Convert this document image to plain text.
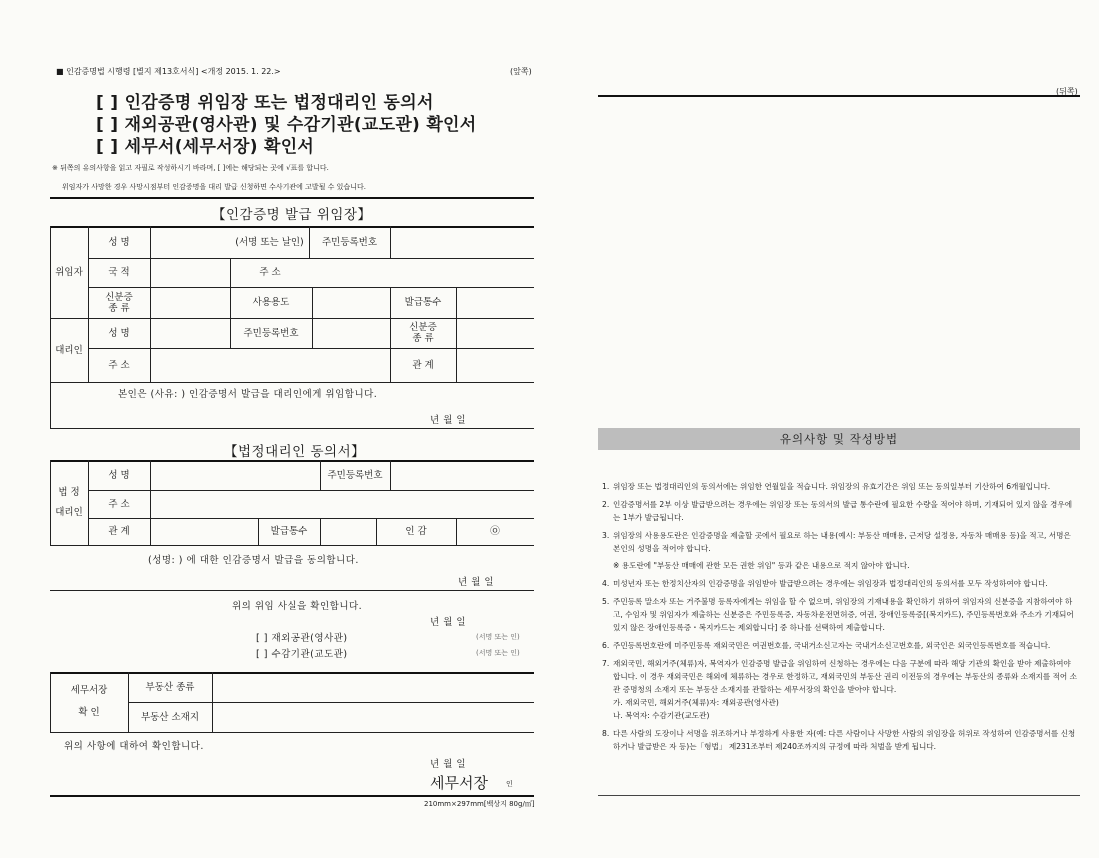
■ 인감증명법 시행령 [별지 제13호서식] <개정 2015. 1. 22.>	(앞쪽)
[ ] 인감증명 위임장 또는 법정대리인 동의서
[ ] 재외공관(영사관) 및 수감기관(교도관) 확인서
[ ] 세무서(세무서장) 확인서
※ 뒤쪽의 유의사항을 읽고 자필로 작성하시기 바라며, [ ]에는 해당되는 곳에 √표를 합니다.
위임자가 사망한 경우 사망시점부터 인감증명을 대리 발급 신청하면 수사기관에 고발될 수 있습니다.
【인감증명 발급 위임장】
위임자
성 명	(서명 또는 날인)	주민등록번호
국 적	주 소
신분증
종 류	사용용도	발급통수
대리인
성 명	주민등록번호	신분증
종 류
주 소	관 계
본인은 (사유: ) 인감증명서 발급을 대리인에게 위임합니다.
년 월 일
【법정대리인 동의서】
법 정
대리인
성 명	주민등록번호
주 소
관 계	발급통수	인 감	㉧
(성명: ) 에 대한 인감증명서 발급을 동의합니다.
년 월 일
위의 위임 사실을 확인합니다.
년 월 일
[ ] 재외공관(영사관)	(서명 또는 인)
[ ] 수감기관(교도관)	(서명 또는 인)
세무서장
확 인
부동산 종류
부동산 소재지
위의 사항에 대하여 확인합니다.
년 월 일
세무서장	인
210mm×297mm[백상지 80g/㎡]
(뒤쪽)
유의사항 및 작성방법
1. 위임장 또는 법정대리인의 동의서에는 위임한 연월일을 적습니다. 위임장의 유효기간은 위임 또는 동의일부터 기산하여 6개월입니다.
2. 인감증명서를 2부 이상 발급받으려는 경우에는 위임장 또는 동의서의 발급 통수란에 필요한 수량을 적어야 하며, 기재되어 있지 않을 경우에는 1부가 발급됩니다.
3. 위임장의 사용용도란은 인감증명을 제출할 곳에서 필요로 하는 내용(예시: 부동산 매매용, 근저당 설정용, 자동차 매매용 등)을 적고, 서명은 본인의 성명을 적어야 합니다.
※ 용도란에 "부동산 매매에 관한 모든 권한 위임" 등과 같은 내용으로 적지 않아야 합니다.
4. 미성년자 또는 한정치산자의 인감증명을 위임받아 발급받으려는 경우에는 위임장과 법정대리인의 동의서를 모두 작성하여야 합니다.
5. 주민등록 말소자 또는 거주불명 등록자에게는 위임을 할 수 없으며, 위임장의 기재내용을 확인하기 위하여 위임자의 신분증을 지참하여야 하고, 수임자 및 위임자가 제출하는 신분증은 주민등록증, 자동차운전면허증, 여권, 장애인등록증[(복지카드), 주민등록번호와 주소가 기재되어 있지 않은 장애인등록증・복지카드는 제외합니다] 중 하나를 선택하여 제출합니다.
6. 주민등록번호란에 미주민등록 재외국민은 여권번호를, 국내거소신고자는 국내거소신고번호를, 외국인은 외국인등록번호를 적습니다.
7. 재외국민, 해외거주(체류)자, 복역자가 인감증명 발급을 위임하여 신청하는 경우에는 다음 구분에 따라 해당 기관의 확인을 받아 제출하여야 합니다. 이 경우 재외국민은 해외에 체류하는 경우로 한정하고, 재외국민의 부동산 권리 이전등의 경우에는 부동산의 종류와 소재지를 적어 소관 증명청의 소재지 또는 부동산 소재지를 관할하는 세무서장의 확인을 받아야 합니다.
가. 재외국민, 해외거주(체류)자: 재외공관(영사관)
나. 복역자: 수감기관(교도관)
8. 다른 사람의 도장이나 서명을 위조하거나 부정하게 사용한 자(예: 다른 사람이나 사망한 사람의 위임장을 허위로 작성하여 인감증명서를 신청하거나 발급받은 자 등)는「형법」 제231조부터 제240조까지의 규정에 따라 처벌을 받게 됩니다.
